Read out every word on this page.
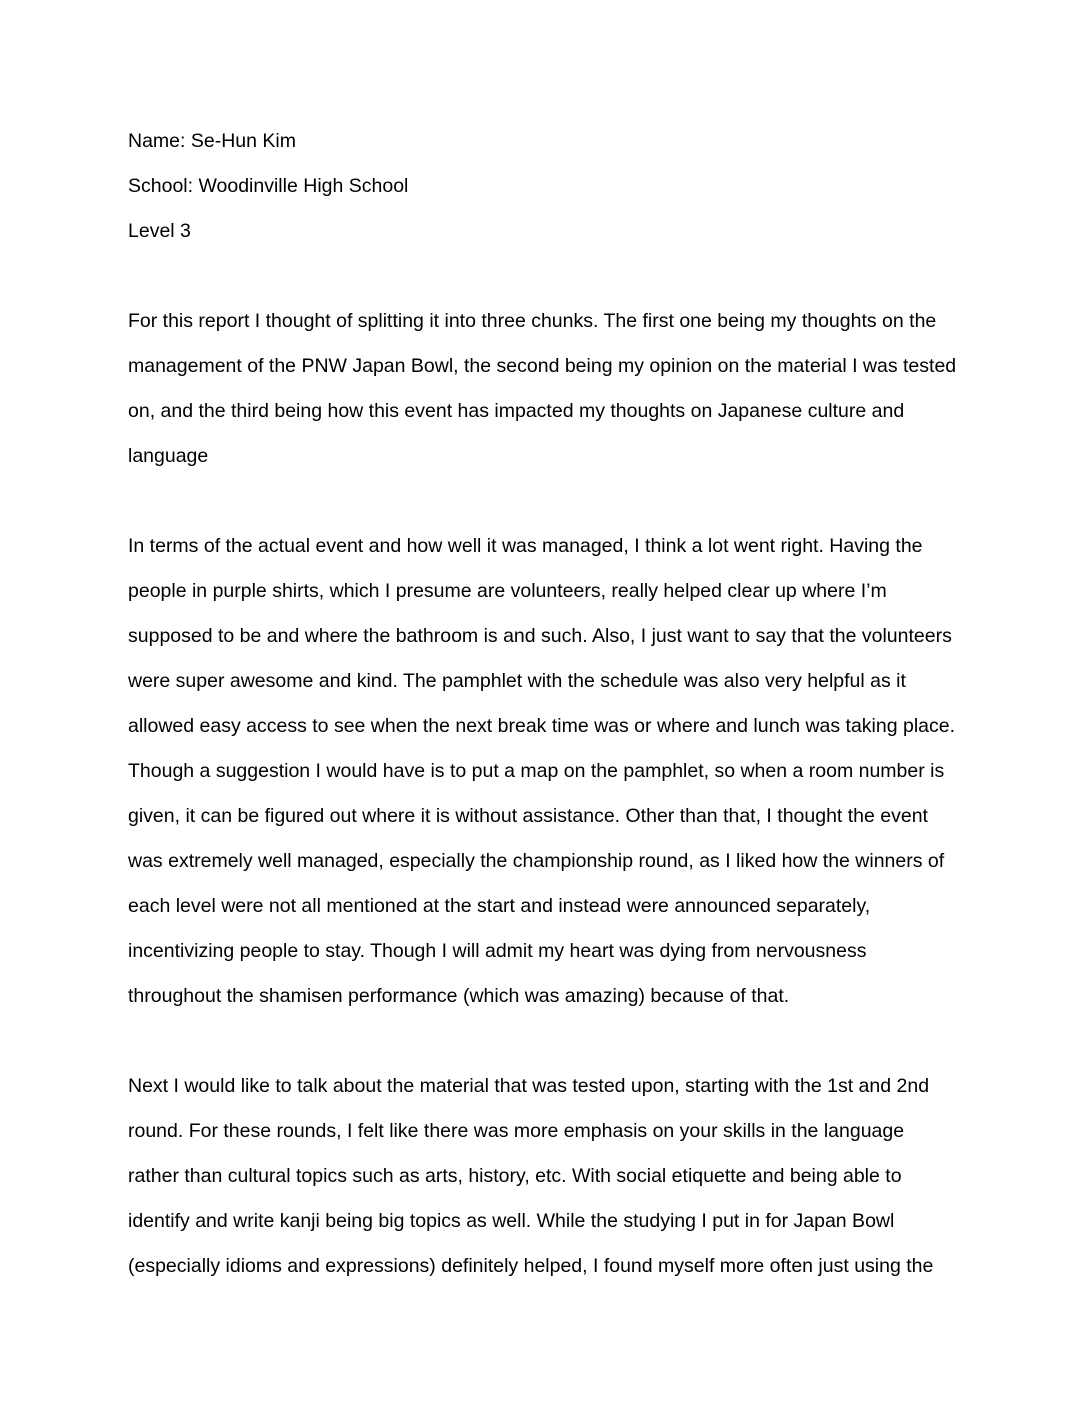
Name: Se-Hun Kim

School: Woodinville High School

Level 3

For this report I thought of splitting it into three chunks. The first one being my thoughts on the
management of the PNW Japan Bowl, the second being my opinion on the material I was tested
on, and the third being how this event has impacted my thoughts on Japanese culture and
language

In terms of the actual event and how well it was managed, I think a lot went right. Having the
people in purple shirts, which I presume are volunteers, really helped clear up where I’m
supposed to be and where the bathroom is and such. Also, I just want to say that the volunteers
were super awesome and kind. The pamphlet with the schedule was also very helpful as it
allowed easy access to see when the next break time was or where and lunch was taking place.
Though a suggestion I would have is to put a map on the pamphlet, so when a room number is
given, it can be figured out where it is without assistance. Other than that, I thought the event
was extremely well managed, especially the championship round, as I liked how the winners of
each level were not all mentioned at the start and instead were announced separately,
incentivizing people to stay. Though I will admit my heart was dying from nervousness
throughout the shamisen performance (which was amazing) because of that.

Next I would like to talk about the material that was tested upon, starting with the 1st and 2nd
round. For these rounds, I felt like there was more emphasis on your skills in the language
rather than cultural topics such as arts, history, etc. With social etiquette and being able to
identify and write kanji being big topics as well. While the studying I put in for Japan Bowl
(especially idioms and expressions) definitely helped, I found myself more often just using the
